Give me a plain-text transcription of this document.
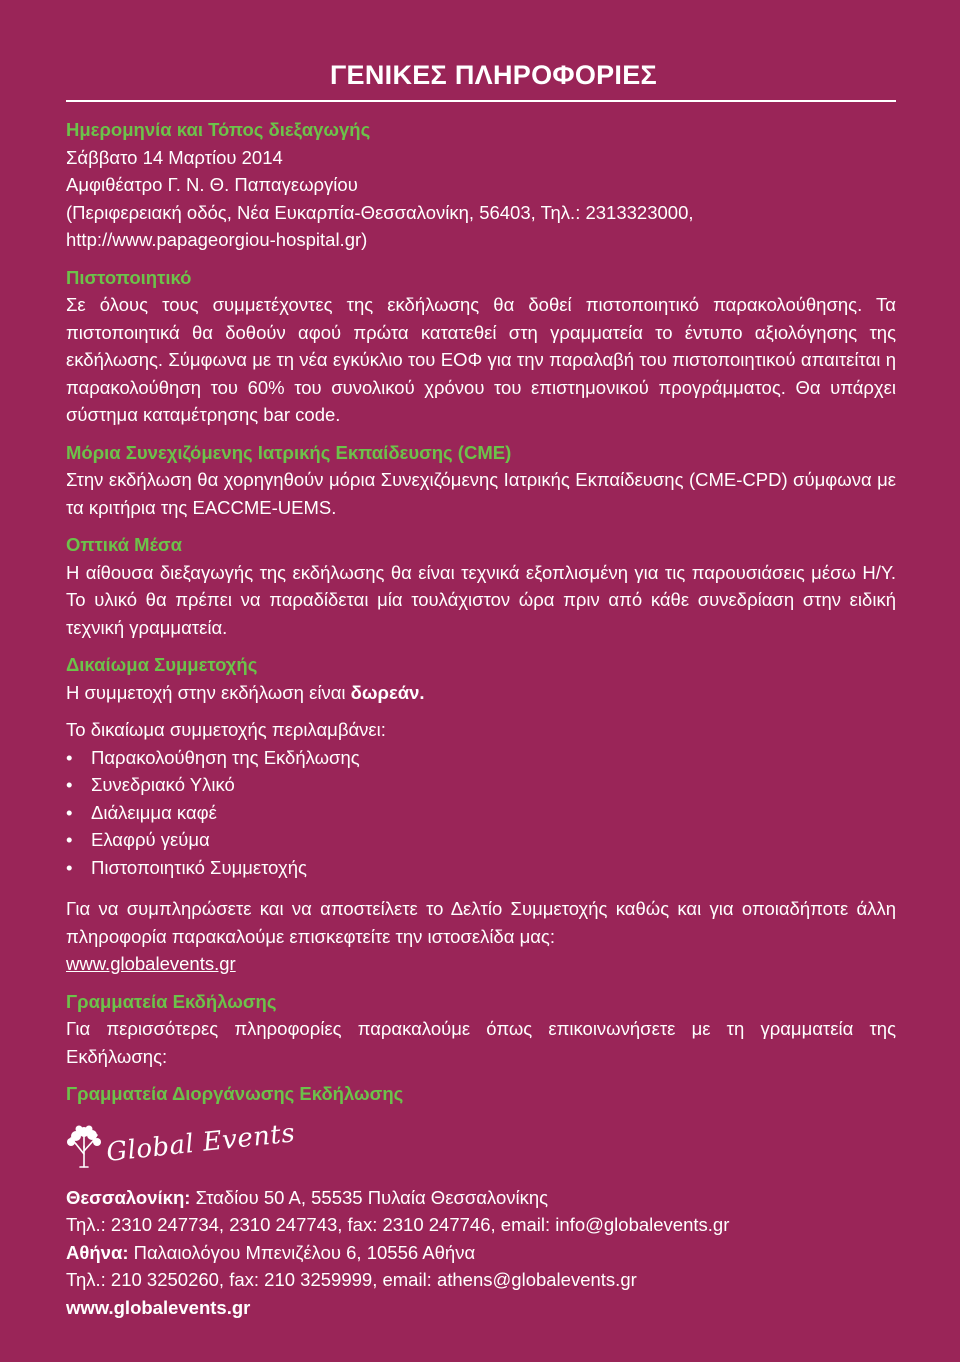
ΓΕΝΙΚΕΣ ΠΛΗΡΟΦΟΡΙΕΣ
Ημερομηνία και Τόπος διεξαγωγής
Σάββατο 14 Μαρτίου 2014
Αμφιθέατρο Γ. Ν. Θ. Παπαγεωργίου
(Περιφερειακή οδός, Νέα Ευκαρπία-Θεσσαλονίκη, 56403, Τηλ.: 2313323000,
http://www.papageorgiou-hospital.gr)
Πιστοποιητικό
Σε όλους τους συμμετέχοντες της εκδήλωσης θα δοθεί πιστοποιητικό παρακολούθησης. Τα πιστοποιητικά θα δοθούν αφού πρώτα κατατεθεί στη γραμματεία το έντυπο αξιολόγησης της εκδήλωσης. Σύμφωνα με τη νέα εγκύκλιο του ΕΟΦ για την παραλαβή του πιστοποιητικού απαιτείται η παρακολούθηση του 60% του συνολικού χρόνου του επιστημονικού προγράμματος. Θα υπάρχει σύστημα καταμέτρησης bar code.
Μόρια Συνεχιζόμενης Ιατρικής Εκπαίδευσης (CME)
Στην εκδήλωση θα χορηγηθούν μόρια Συνεχιζόμενης Ιατρικής Εκπαίδευσης (CME-CPD) σύμφωνα με τα κριτήρια της EACCME-UEMS.
Οπτικά Μέσα
Η αίθουσα διεξαγωγής της εκδήλωσης θα είναι τεχνικά εξοπλισμένη για τις παρουσιάσεις μέσω Η/Υ. Το υλικό θα πρέπει να παραδίδεται μία τουλάχιστον ώρα πριν από κάθε συνεδρίαση στην ειδική τεχνική γραμματεία.
Δικαίωμα Συμμετοχής
Η συμμετοχή στην εκδήλωση είναι δωρεάν.
Το δικαίωμα συμμετοχής περιλαμβάνει:
• Παρακολούθηση της Εκδήλωσης
• Συνεδριακό Υλικό
• Διάλειμμα καφέ
• Ελαφρύ γεύμα
• Πιστοποιητικό Συμμετοχής
Για να συμπληρώσετε και να αποστείλετε το Δελτίο Συμμετοχής καθώς και για οποιαδήποτε άλλη πληροφορία παρακαλούμε επισκεφτείτε την ιστοσελίδα μας:
www.globalevents.gr
Γραμματεία Εκδήλωσης
Για περισσότερες πληροφορίες παρακαλούμε όπως επικοινωνήσετε με τη γραμματεία της Εκδήλωσης:
Γραμματεία Διοργάνωσης Εκδήλωσης
Global Events
Θεσσαλονίκη: Σταδίου 50 Α, 55535 Πυλαία Θεσσαλονίκης
Τηλ.: 2310 247734, 2310 247743, fax: 2310 247746, email: info@globalevents.gr
Αθήνα: Παλαιολόγου Μπενιζέλου 6, 10556 Αθήνα
Τηλ.: 210 3250260, fax: 210 3259999, email: athens@globalevents.gr
www.globalevents.gr
